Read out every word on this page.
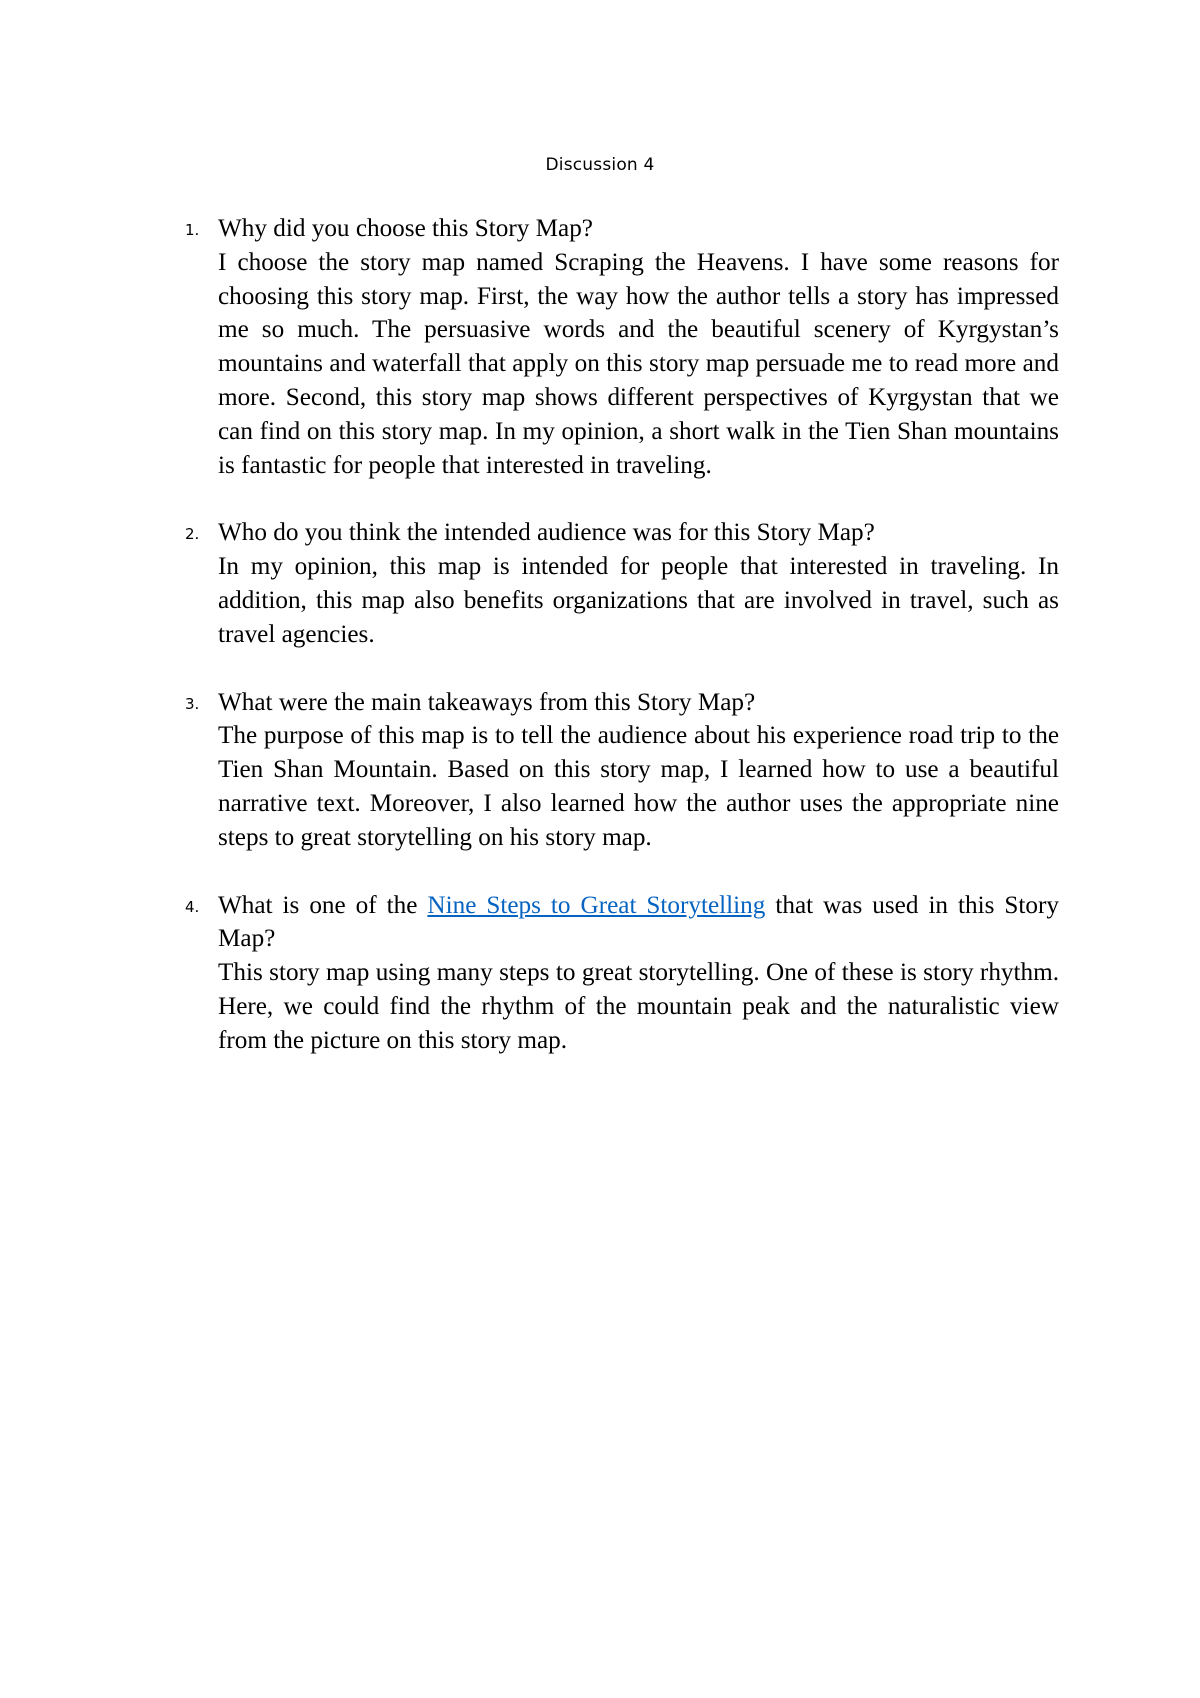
Discussion 4
1. Why did you choose this Story Map?
I choose the story map named Scraping the Heavens. I have some reasons for choosing this story map. First, the way how the author tells a story has impressed me so much. The persuasive words and the beautiful scenery of Kyrgystan’s mountains and waterfall that apply on this story map persuade me to read more and more. Second, this story map shows different perspectives of Kyrgystan that we can find on this story map. In my opinion, a short walk in the Tien Shan mountains is fantastic for people that interested in traveling.
2. Who do you think the intended audience was for this Story Map?
In my opinion, this map is intended for people that interested in traveling. In addition, this map also benefits organizations that are involved in travel, such as travel agencies.
3. What were the main takeaways from this Story Map?
The purpose of this map is to tell the audience about his experience road trip to the Tien Shan Mountain. Based on this story map, I learned how to use a beautiful narrative text. Moreover, I also learned how the author uses the appropriate nine steps to great storytelling on his story map.
4. What is one of the Nine Steps to Great Storytelling that was used in this Story Map?
This story map using many steps to great storytelling. One of these is story rhythm. Here, we could find the rhythm of the mountain peak and the naturalistic view from the picture on this story map.
